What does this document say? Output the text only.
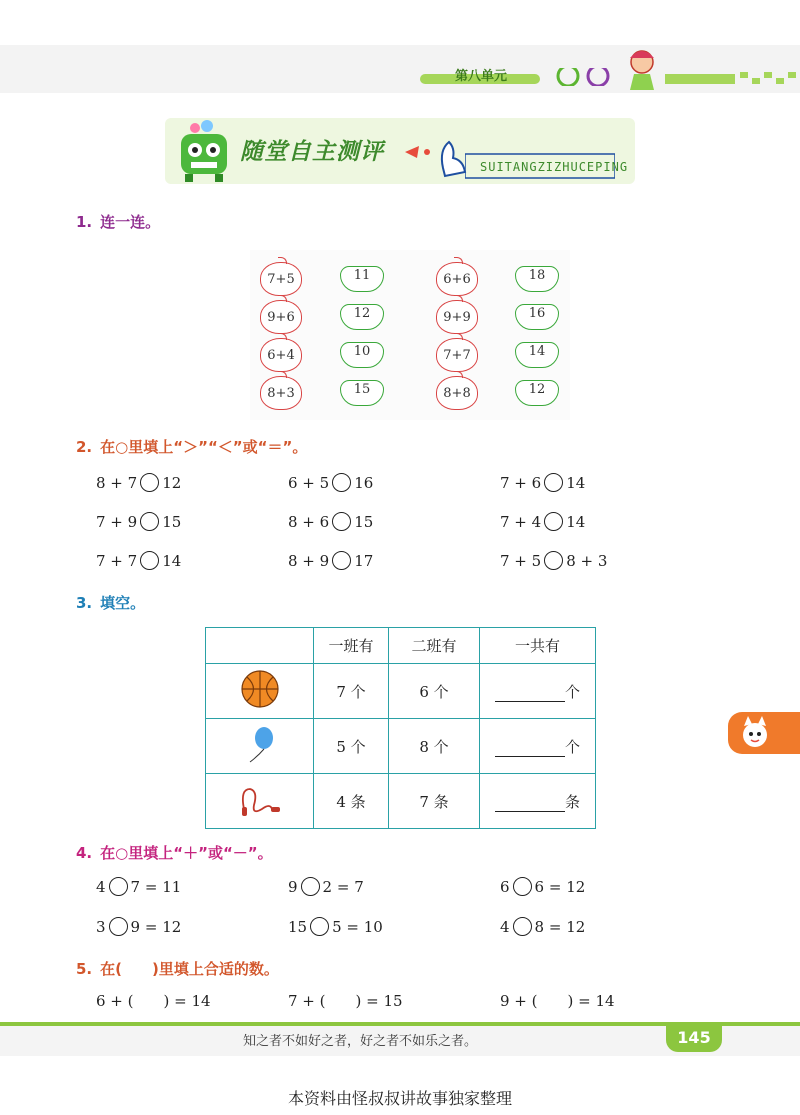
第八单元
随堂自主测评
SUITANGZIZHUCEPING
1. 连一连。
7+5
9+6
6+4
8+3
11
12
10
15
6+6
9+9
7+7
8+8
18
16
14
12
2. 在○里填上“＞”“＜”或“＝”。
8 + 7 12	6 + 5 16	7 + 6 14
7 + 9 15	8 + 6 15	7 + 4 14
7 + 7 14	8 + 9 17	7 + 5 8 + 3
3. 填空。
	一班有	二班有	一共有
	7 个	6 个	个
	5 个	8 个	个
	4 条	7 条	条
4. 在○里填上“＋”或“－”。
4 7 = 11	9 2 = 7	6 6 = 12
3 9 = 12	15 5 = 10	4 8 = 12
5. 在(　　)里填上合适的数。
6 + ( 　　) = 14	7 + ( 　　) = 15	9 + ( 　　) = 14
知之者不如好之者，好之者不如乐之者。	145
本资料由怪叔叔讲故事独家整理
